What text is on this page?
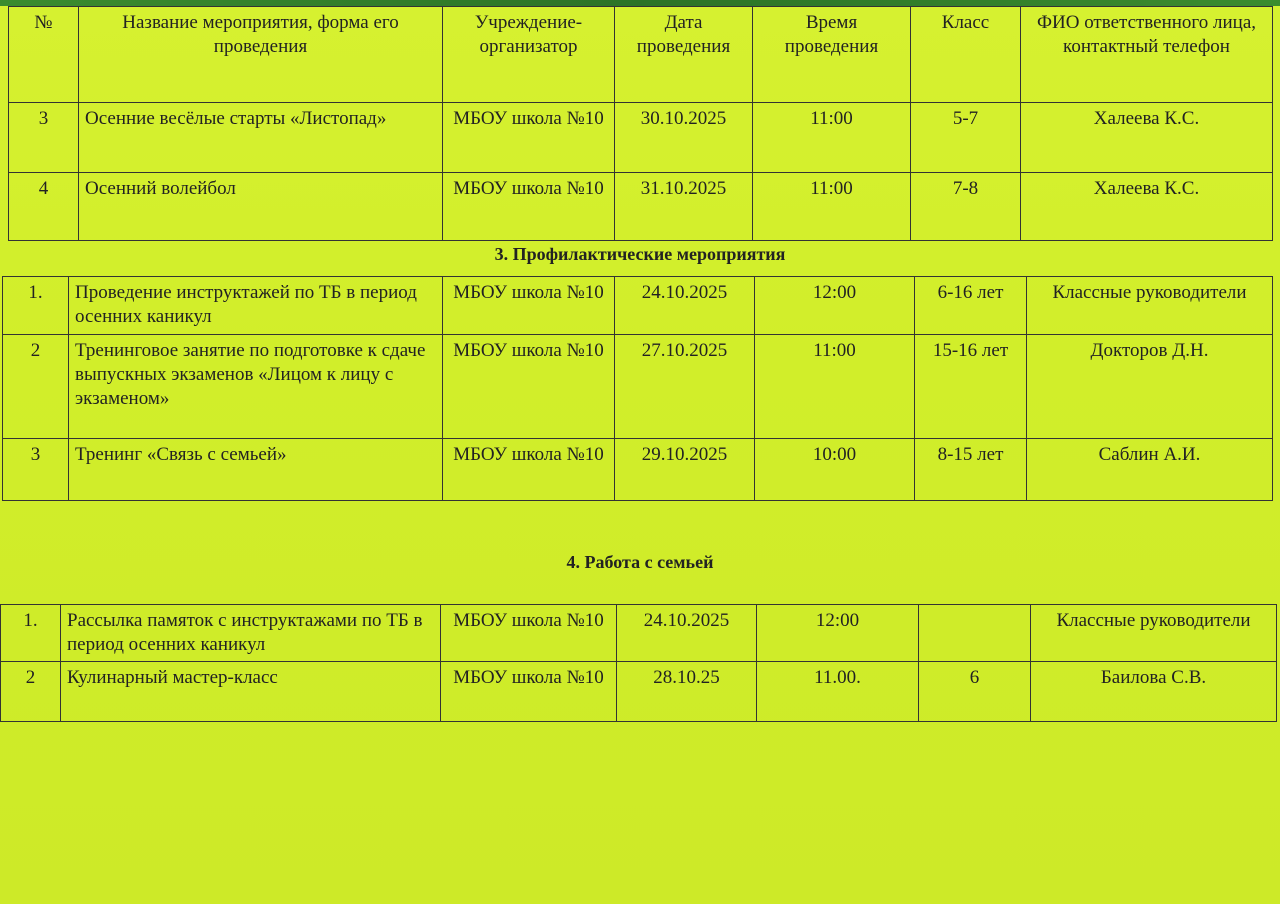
№	Название мероприятия, форма его проведения	Учреждение-организатор	Дата проведения	Время проведения	Класс	ФИО ответственного лица, контактный телефон
3	Осенние весёлые старты «Листопад»	МБОУ школа №10	30.10.2025	11:00	5-7	Халеева К.С.
4	Осенний волейбол	МБОУ школа №10	31.10.2025	11:00	7-8	Халеева К.С.
3. Профилактические мероприятия
1.	Проведение инструктажей по ТБ в период осенних каникул	МБОУ школа №10	24.10.2025	12:00	6-16 лет	Классные руководители
2	Тренинговое занятие по подготовке к сдаче выпускных экзаменов «Лицом к лицу с экзаменом»	МБОУ школа №10	27.10.2025	11:00	15-16 лет	Докторов Д.Н.
3	Тренинг «Связь с семьей»	МБОУ школа №10	29.10.2025	10:00	8-15 лет	Саблин А.И.
4. Работа с семьей
1.	Рассылка памяток с инструктажами по ТБ в период осенних каникул	МБОУ школа №10	24.10.2025	12:00		Классные руководители
2	Кулинарный мастер-класс	МБОУ школа №10	28.10.25	11.00.	6	Баилова С.В.
